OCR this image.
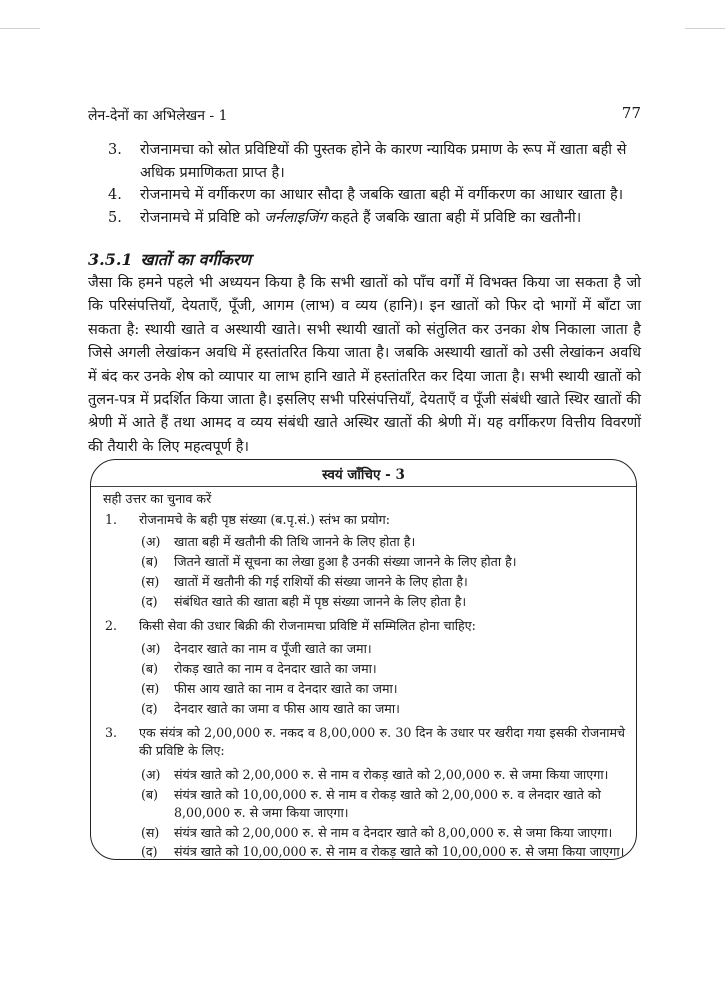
लेन-देनों का अभिलेखन - 1	77
3.	रोजनामचा को स्रोत प्रविष्टियों की पुस्तक होने के कारण न्यायिक प्रमाण के रूप में खाता बही से अधिक प्रमाणिकता प्राप्त है।
4.	रोजनामचे में वर्गीकरण का आधार सौदा है जबकि खाता बही में वर्गीकरण का आधार खाता है।
5.	रोजनामचे में प्रविष्टि को जर्नलाइजिंग कहते हैं जबकि खाता बही में प्रविष्टि का खतौनी।
3.5.1 खातों का वर्गीकरण
जैसा कि हमने पहले भी अध्ययन किया है कि सभी खातों को पाँच वर्गों में विभक्त किया जा सकता है जो कि परिसंपत्तियाँ, देयताएँ, पूँजी, आगम (लाभ) व व्यय (हानि)। इन खातों को फिर दो भागों में बाँटा जा सकता है: स्थायी खाते व अस्थायी खाते। सभी स्थायी खातों को संतुलित कर उनका शेष निकाला जाता है जिसे अगली लेखांकन अवधि में हस्तांतरित किया जाता है। जबकि अस्थायी खातों को उसी लेखांकन अवधि में बंद कर उनके शेष को व्यापार या लाभ हानि खाते में हस्तांतरित कर दिया जाता है। सभी स्थायी खातों को तुलन-पत्र में प्रदर्शित किया जाता है। इसलिए सभी परिसंपत्तियाँ, देयताएँ व पूँजी संबंधी खाते स्थिर खातों की श्रेणी में आते हैं तथा आमद व व्यय संबंधी खाते अस्थिर खातों की श्रेणी में। यह वर्गीकरण वित्तीय विवरणों की तैयारी के लिए महत्वपूर्ण है।
स्वयं जाँचिए - 3
सही उत्तर का चुनाव करें
1. रोजनामचे के बही पृष्ठ संख्या (ब.पृ.सं.) स्तंभ का प्रयोग:
(अ) खाता बही में खतौनी की तिथि जानने के लिए होता है।
(ब) जितने खातों में सूचना का लेखा हुआ है उनकी संख्या जानने के लिए होता है।
(स) खातों में खतौनी की गई राशियों की संख्या जानने के लिए होता है।
(द) संबंधित खाते की खाता बही में पृष्ठ संख्या जानने के लिए होता है।
2. किसी सेवा की उधार बिक्री की रोजनामचा प्रविष्टि में सम्मिलित होना चाहिए:
(अ) देनदार खाते का नाम व पूँजी खाते का जमा।
(ब) रोकड़ खाते का नाम व देनदार खाते का जमा।
(स) फीस आय खाते का नाम व देनदार खाते का जमा।
(द) देनदार खाते का जमा व फीस आय खाते का जमा।
3. एक संयंत्र को 2,00,000 रु. नकद व 8,00,000 रु. 30 दिन के उधार पर खरीदा गया इसकी रोजनामचे की प्रविष्टि के लिए:
(अ) संयंत्र खाते को 2,00,000 रु. से नाम व रोकड़ खाते को 2,00,000 रु. से जमा किया जाएगा।
(ब) संयंत्र खाते को 10,00,000 रु. से नाम व रोकड़ खाते को 2,00,000 रु. व लेनदार खाते को 8,00,000 रु. से जमा किया जाएगा।
(स) संयंत्र खाते को 2,00,000 रु. से नाम व देनदार खाते को 8,00,000 रु. से जमा किया जाएगा।
(द) संयंत्र खाते को 10,00,000 रु. से नाम व रोकड़ खाते को 10,00,000 रु. से जमा किया जाएगा।
